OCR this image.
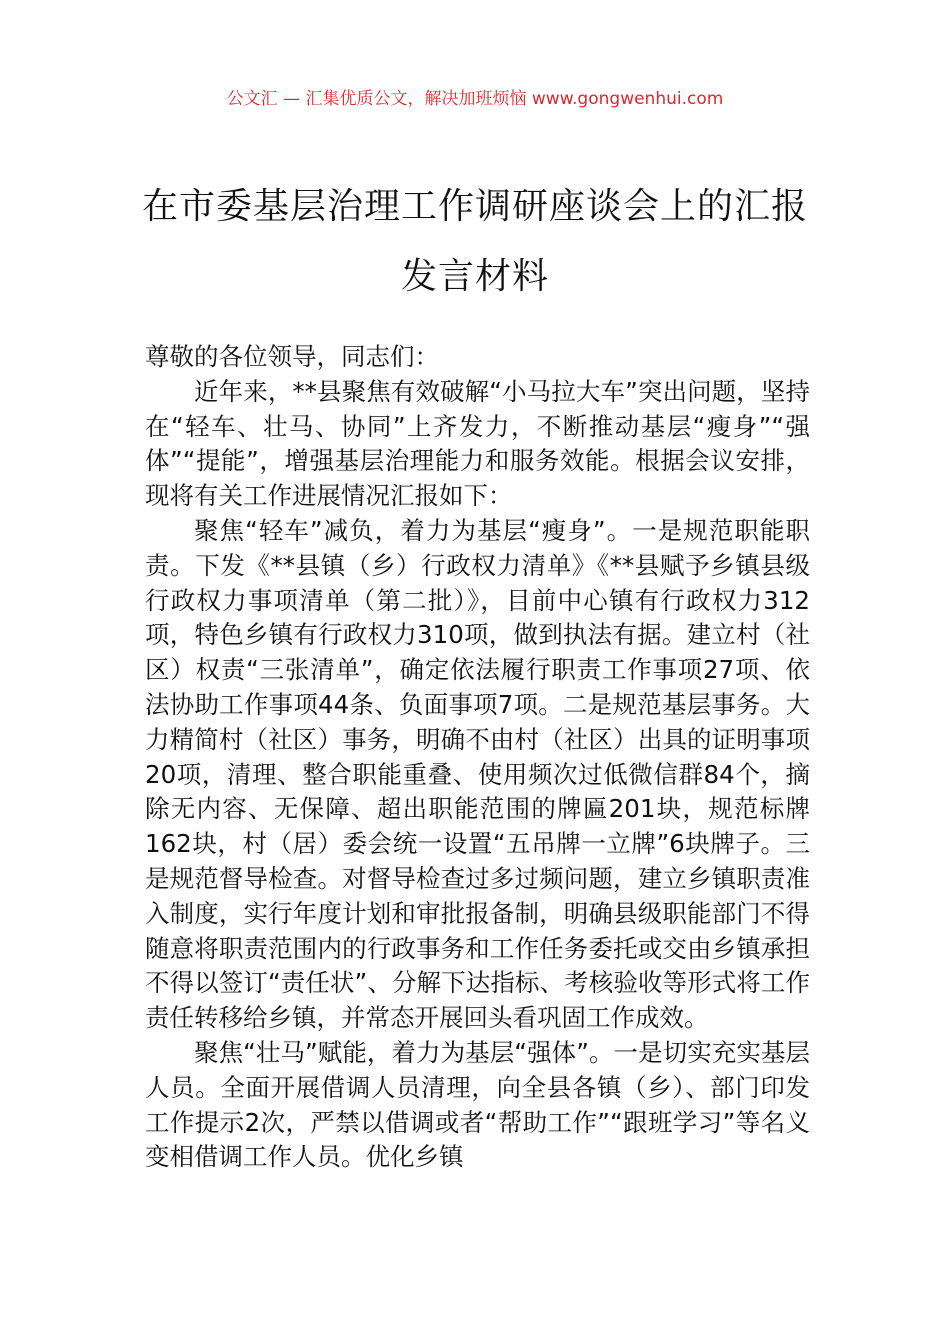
公文汇 — 汇集优质公文，解决加班烦恼 www.gongwenhui.com
在市委基层治理工作调研座谈会上的汇报
发言材料

尊敬的各位领导，同志们：

近年来，**县聚焦有效破解“小马拉大车”突出问题，坚持在“轻车、壮马、协同”上齐发力，不断推动基层“瘦身”“强体”“提能”，增强基层治理能力和服务效能。根据会议安排，现将有关工作进展情况汇报如下：

聚焦“轻车”减负，着力为基层“瘦身”。一是规范职能职责。下发《**县镇（乡）行政权力清单》《**县赋予乡镇县级行政权力事项清单（第二批）》，目前中心镇有行政权力312项，特色乡镇有行政权力310项，做到执法有据。建立村（社区）权责“三张清单”，确定依法履行职责工作事项27项、依法协助工作事项44条、负面事项7项。二是规范基层事务。大力精简村（社区）事务，明确不由村（社区）出具的证明事项20项，清理、整合职能重叠、使用频次过低微信群84个，摘除无内容、无保障、超出职能范围的牌匾201块，规范标牌162块，村（居）委会统一设置“五吊牌一立牌”6块牌子。三是规范督导检查。对督导检查过多过频问题，建立乡镇职责准入制度，实行年度计划和审批报备制，明确县级职能部门不得随意将职责范围内的行政事务和工作任务委托或交由乡镇承担不得以签订“责任状”、分解下达指标、考核验收等形式将工作责任转移给乡镇，并常态开展回头看巩固工作成效。

聚焦“壮马”赋能，着力为基层“强体”。一是切实充实基层人员。全面开展借调人员清理，向全县各镇（乡）、部门印发工作提示2次，严禁以借调或者“帮助工作”“跟班学习”等名义变相借调工作人员。优化乡镇
